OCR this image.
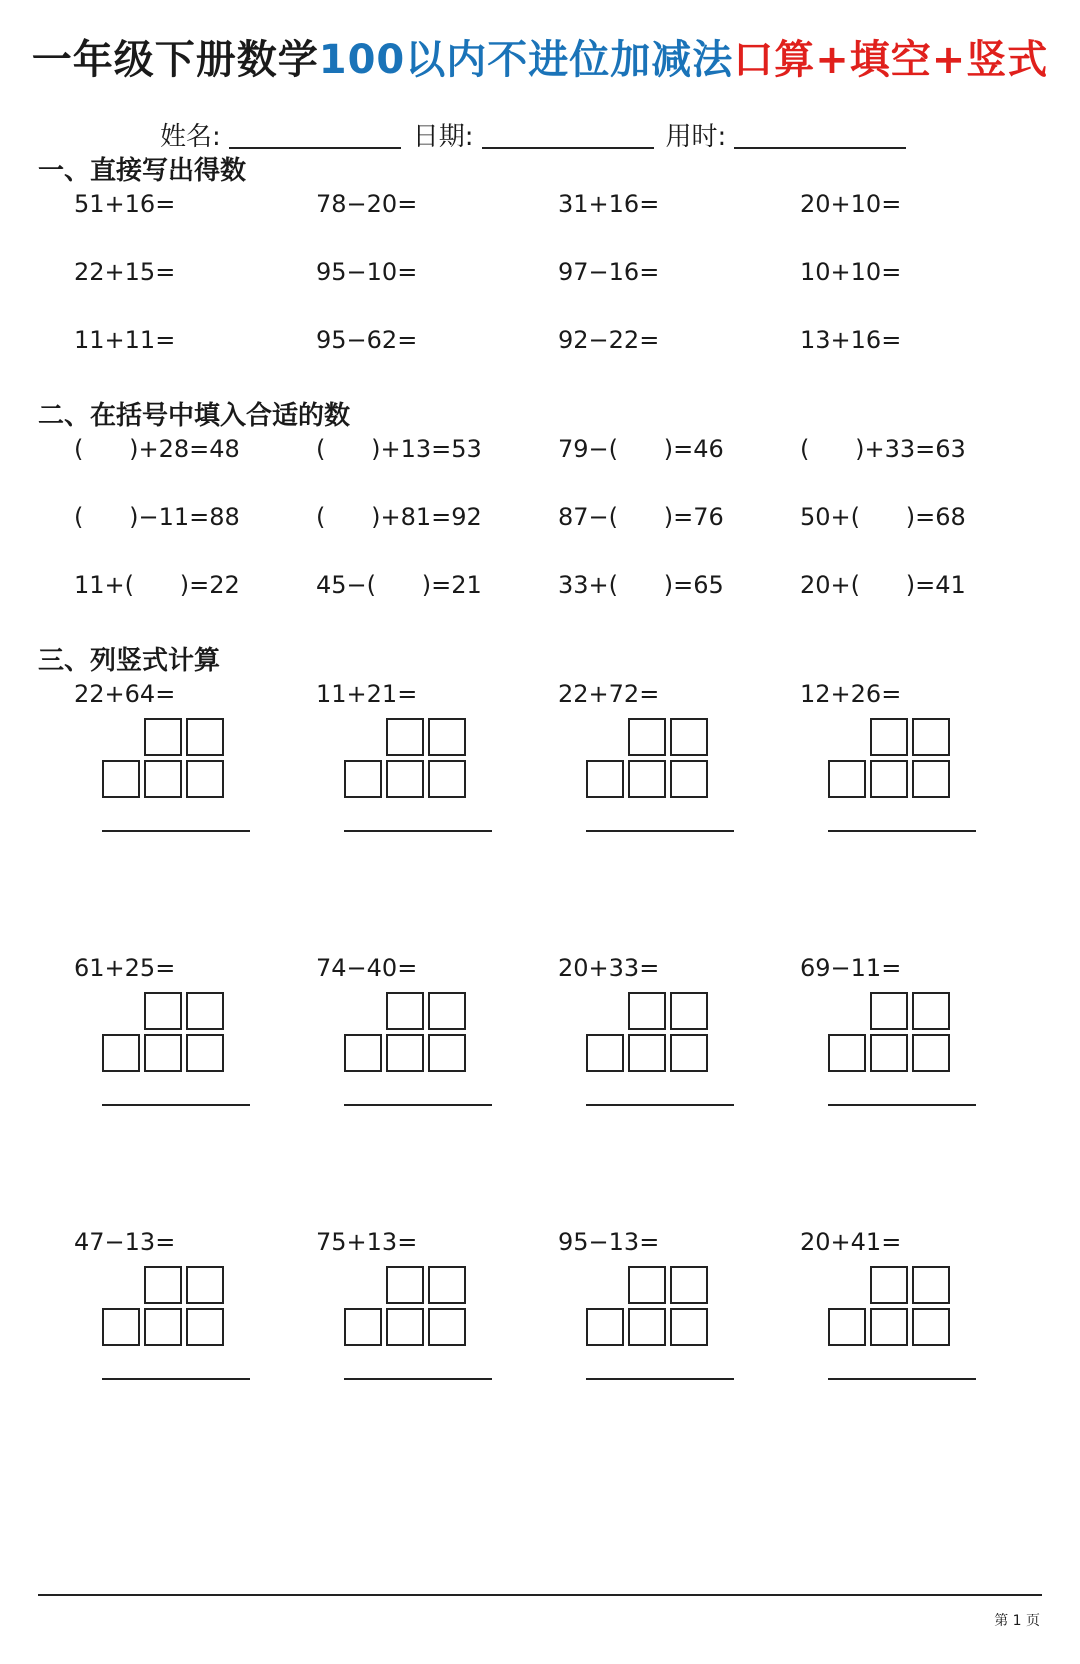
一年级下册数学100以内不进位加减法口算+填空+竖式
姓名:	日期:	用时:
一、直接写出得数
51+16=	78−20=	31+16=	20+10=
22+15=	95−10=	97−16=	10+10=
11+11=	95−62=	92−22=	13+16=
二、在括号中填入合适的数
(      )+28=48	(      )+13=53	79−(      )=46	(      )+33=63
(      )−11=88	(      )+81=92	87−(      )=76	50+(      )=68
11+(      )=22	45−(      )=21	33+(      )=65	20+(      )=41
三、列竖式计算
22+64=	11+21=	22+72=	12+26=
61+25=	74−40=	20+33=	69−11=
47−13=	75+13=	95−13=	20+41=
第 1 页
